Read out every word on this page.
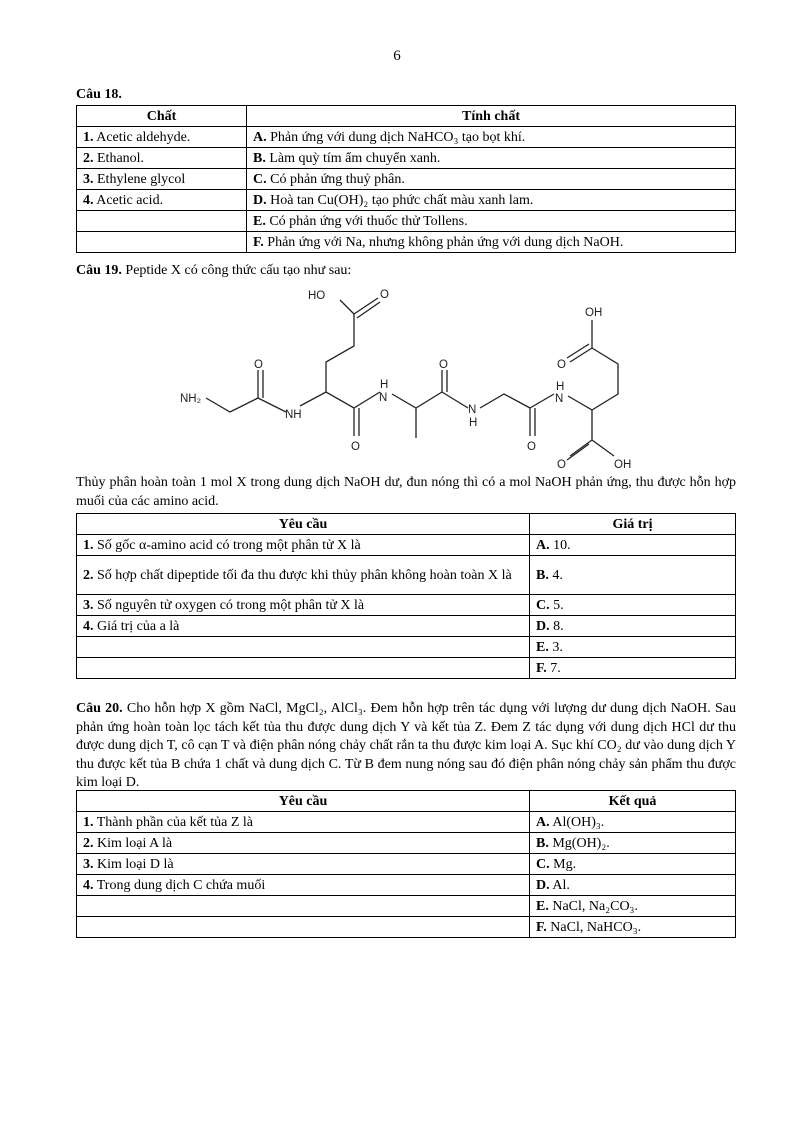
6
Câu 18.
Chất	Tính chất
1. Acetic aldehyde.	A. Phản ứng với dung dịch NaHCO₃ tạo bọt khí.
2. Ethanol.	B. Làm quỳ tím ẩm chuyển xanh.
3. Ethylene glycol	C. Có phản ứng thuỷ phân.
4. Acetic acid.	D. Hoà tan Cu(OH)₂ tạo phức chất màu xanh lam.
	E. Có phản ứng với thuốc thử Tollens.
	F. Phản ứng với Na, nhưng không phản ứng với dung dịch NaOH.
Câu 19. Peptide X có công thức cấu tạo như sau:
HO	O
OH
O
O	O
NH₂
NH
H
N
N
H
H
N
O	O
O	OH
Thủy phân hoàn toàn 1 mol X trong dung dịch NaOH dư, đun nóng thì có a mol NaOH phản ứng, thu được hỗn hợp muối của các amino acid.
Yêu cầu	Giá trị
1. Số gốc α-amino acid có trong một phân tử X là	A. 10.
2. Số hợp chất dipeptide tối đa thu được khi thủy phân không hoàn toàn X là	B. 4.
3. Số nguyên tử oxygen có trong một phân tử X là	C. 5.
4. Giá trị của a là	D. 8.
	E. 3.
	F. 7.
Câu 20. Cho hỗn hợp X gồm NaCl, MgCl₂, AlCl₃. Đem hỗn hợp trên tác dụng với lượng dư dung dịch NaOH. Sau phản ứng hoàn toàn lọc tách kết tủa thu được dung dịch Y và kết tủa Z. Đem Z tác dụng với dung dịch HCl dư thu được dung dịch T, cô cạn T và điện phân nóng chảy chất rắn ta thu được kim loại A. Sục khí CO₂ dư vào dung dịch Y thu được kết tủa B chứa 1 chất và dung dịch C. Từ B đem nung nóng sau đó điện phân nóng chảy sản phẩm thu được kim loại D.
Yêu cầu	Kết quả
1. Thành phần của kết tủa Z là	A. Al(OH)₃.
2. Kim loại A là	B. Mg(OH)₂.
3. Kim loại D là	C. Mg.
4. Trong dung dịch C chứa muối	D. Al.
	E. NaCl, Na₂CO₃.
	F. NaCl, NaHCO₃.
